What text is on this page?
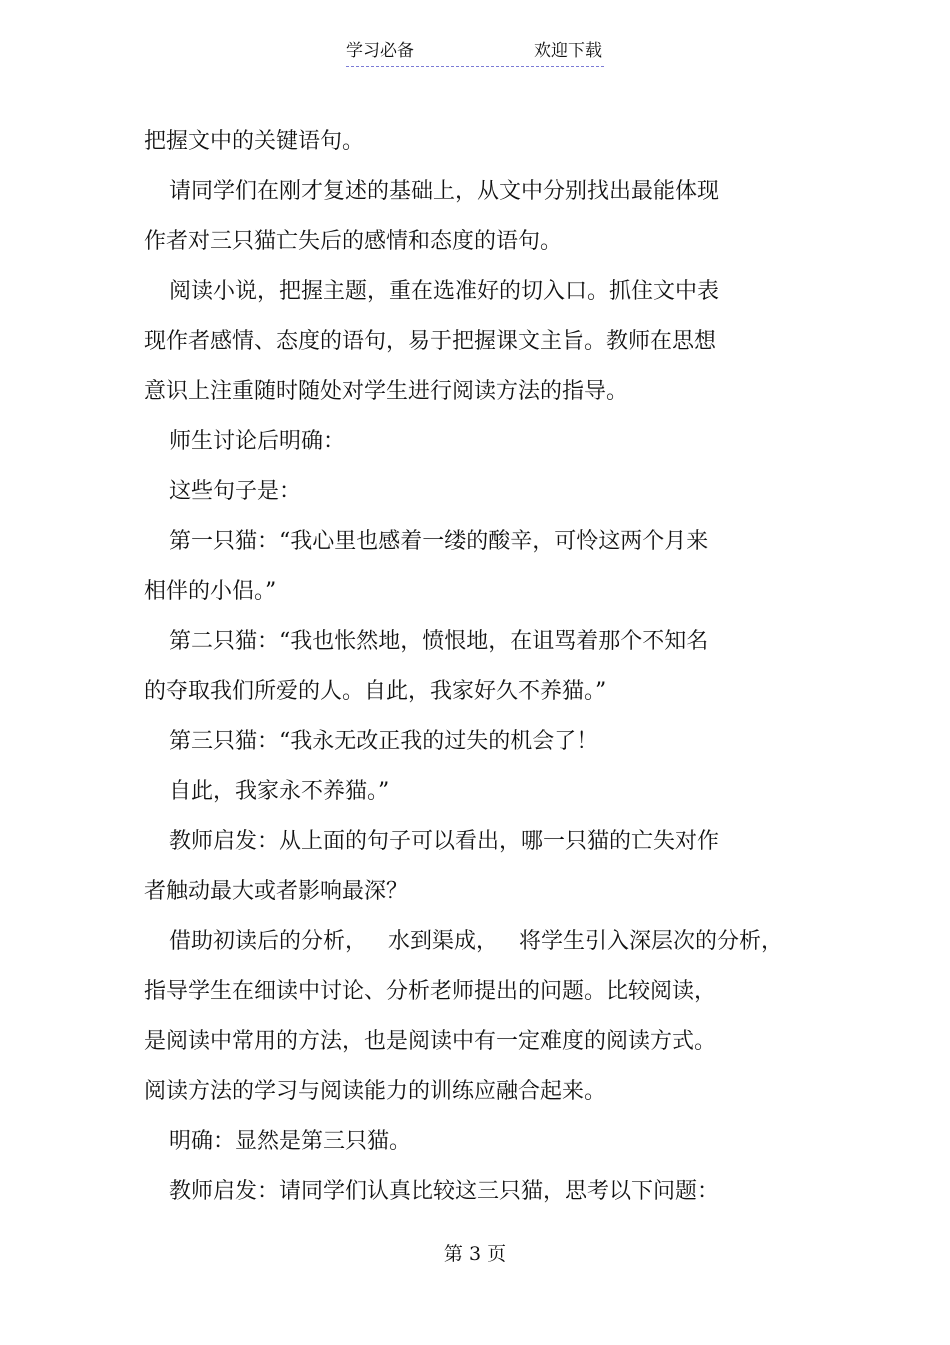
学习必备	欢迎下载
把握文中的关键语句。
请同学们在刚才复述的基础上，从文中分别找出最能体现
作者对三只猫亡失后的感情和态度的语句。
阅读小说，把握主题，重在选准好的切入口。抓住文中表
现作者感情、态度的语句，易于把握课文主旨。教师在思想
意识上注重随时随处对学生进行阅读方法的指导。
师生讨论后明确：
这些句子是：
第一只猫：“我心里也感着一缕的酸辛，可怜这两个月来
相伴的小侣。”
第二只猫：“我也怅然地，愤恨地，在诅骂着那个不知名
的夺取我们所爱的人。自此，我家好久不养猫。”
第三只猫：“我永无改正我的过失的机会了！
自此，我家永不养猫。”
教师启发：从上面的句子可以看出，哪一只猫的亡失对作
者触动最大或者影响最深？
借助初读后的分析，   水到渠成，   将学生引入深层次的分析，
指导学生在细读中讨论、分析老师提出的问题。比较阅读，
是阅读中常用的方法，也是阅读中有一定难度的阅读方式。
阅读方法的学习与阅读能力的训练应融合起来。
明确：显然是第三只猫。
教师启发：请同学们认真比较这三只猫，思考以下问题：
第 3 页
